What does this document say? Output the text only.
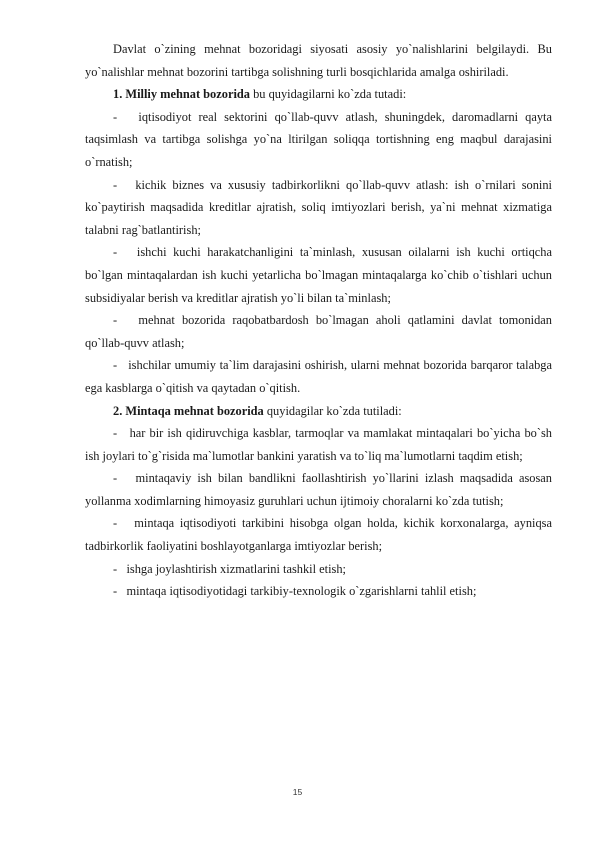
Davlat o`zining mehnat bozoridagi siyosati asosiy yo`nalishlarini belgilaydi. Bu yo`nalishlar mehnat bozorini tartibga solishning turli bosqichlarida amalga oshiriladi.

1. Milliy mehnat bozorida bu quyidagilarni ko`zda tutadi:

- iqtisodiyot real sektorini qo`llab-quvv atlash, shuningdek, daromadlarni qayta taqsimlash va tartibga solishga yo`na ltirilgan soliqqa tortishning eng maqbul darajasini o`rnatish;

- kichik biznes va xususiy tadbirkorlikni qo`llab-quvv atlash: ish o`rnilari sonini ko`paytirish maqsadida kreditlar ajratish, soliq imtiyozlari berish, ya`ni mehnat xizmatiga talabni rag`batlantirish;

- ishchi kuchi harakatchanligini ta`minlash, xususan oilalarni ish kuchi ortiqcha bo`lgan mintaqalardan ish kuchi yetarlicha bo`lmagan mintaqalarga ko`chib o`tishlari uchun subsidiyalar berish va kreditlar ajratish yo`li bilan ta`minlash;

- mehnat bozorida raqobatbardosh bo`lmagan aholi qatlamini davlat tomonidan qo`llab-quvv atlash;

- ishchilar umumiy ta`lim darajasini oshirish, ularni mehnat bozorida barqaror talabga ega kasblarga o`qitish va qaytadan o`qitish.

2. Mintaqa mehnat bozorida quyidagilar ko`zda tutiladi:

- har bir ish qidiruvchiga kasblar, tarmoqlar va mamlakat mintaqalari bo`yicha bo`sh ish joylari to`g`risida ma`lumotlar bankini yaratish va to`liq ma`lumotlarni taqdim etish;

- mintaqaviy ish bilan bandlikni faollashtirish yo`llarini izlash maqsadida asosan yollanma xodimlarning himoyasiz guruhlari uchun ijtimoiy choralarni ko`zda tutish;

- mintaqa iqtisodiyoti tarkibini hisobga olgan holda, kichik korxonalarga, ayniqsa tadbirkorlik faoliyatini boshlayotganlarga imtiyozlar berish;

- ishga joylashtirish xizmatlarini tashkil etish;

- mintaqa iqtisodiyotidagi tarkibiy-texnologik o`zgarishlarni tahlil etish;

15
